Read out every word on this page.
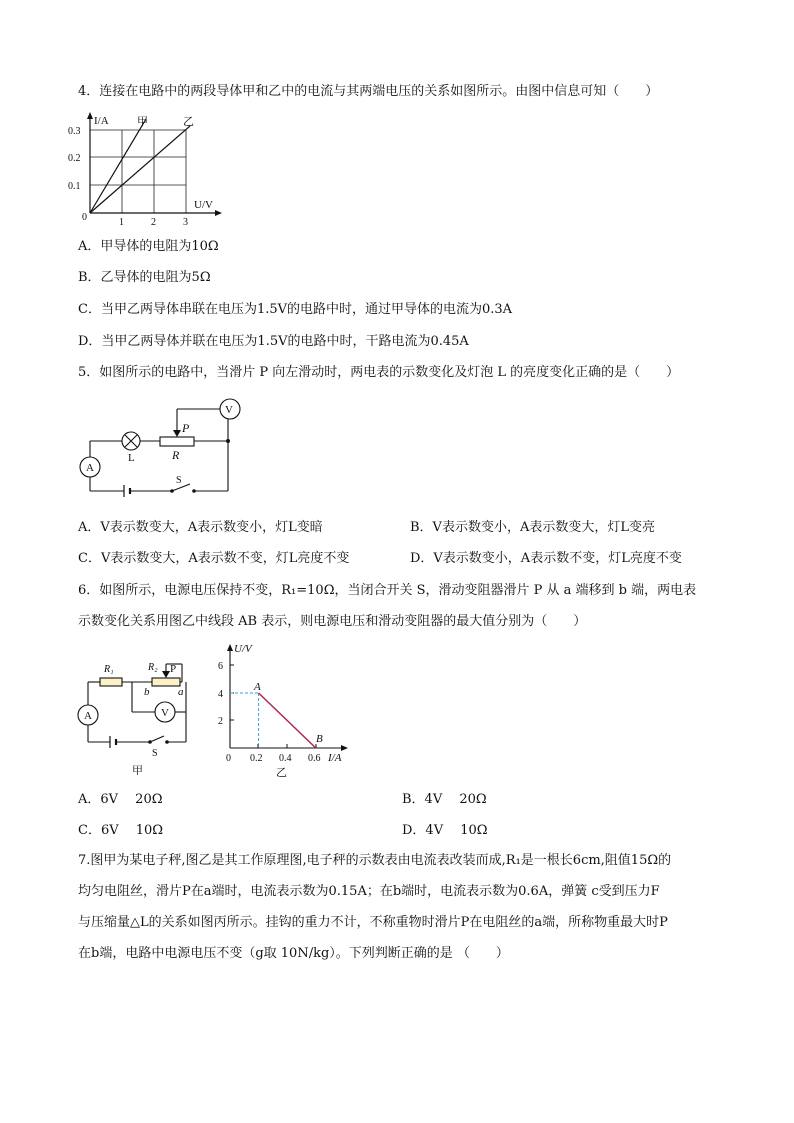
4．连接在电路中的两段导体甲和乙中的电流与其两端电压的关系如图所示。由图中信息可知（　　）
I/A	甲	乙
0.3
0.2
0.1
0	1	2	3
U/V
A．甲导体的电阻为10Ω
B．乙导体的电阻为5Ω
C．当甲乙两导体串联在电压为1.5V的电路中时，通过甲导体的电流为0.3A
D．当甲乙两导体并联在电压为1.5V的电路中时，干路电流为0.45A
5．如图所示的电路中，当滑片 P 向左滑动时，两电表的示数变化及灯泡 L 的亮度变化正确的是（　　）
V
A
L
P
R
S
A．V表示数变大，A表示数变小，灯L变暗	B．V表示数变小，A表示数变大，灯L变亮
C．V表示数变大，A表示数不变，灯L亮度不变	D．V表示数变小，A表示数不变，灯L亮度不变
6．如图所示，电源电压保持不变，R₁=10Ω，当闭合开关 S，滑动变阻器滑片 P 从 a 端移到 b 端，两电表
示数变化关系用图乙中线段 AB 表示，则电源电压和滑动变阻器的最大值分别为（　　）
R₁	R₂ P
b	a
A	V
S
甲
U/V
6
4
2
0 0.2 0.4 0.6 I/A
A
B
乙
A．6V　 20Ω	B．4V　 20Ω
C．6V　 10Ω	D．4V　 10Ω
7.图甲为某电子秤,图乙是其工作原理图,电子秤的示数表由电流表改装而成,R₁是一根长6cm,阻值15Ω的
均匀电阻丝，滑片P在a端时，电流表示数为0.15A；在b端时，电流表示数为0.6A，弹簧 c受到压力F
与压缩量△L的关系如图丙所示。挂钩的重力不计，不称重物时滑片P在电阻丝的a端，所称物重最大时P
在b端，电路中电源电压不变（g取 10N/kg）。下列判断正确的是 （　　）
